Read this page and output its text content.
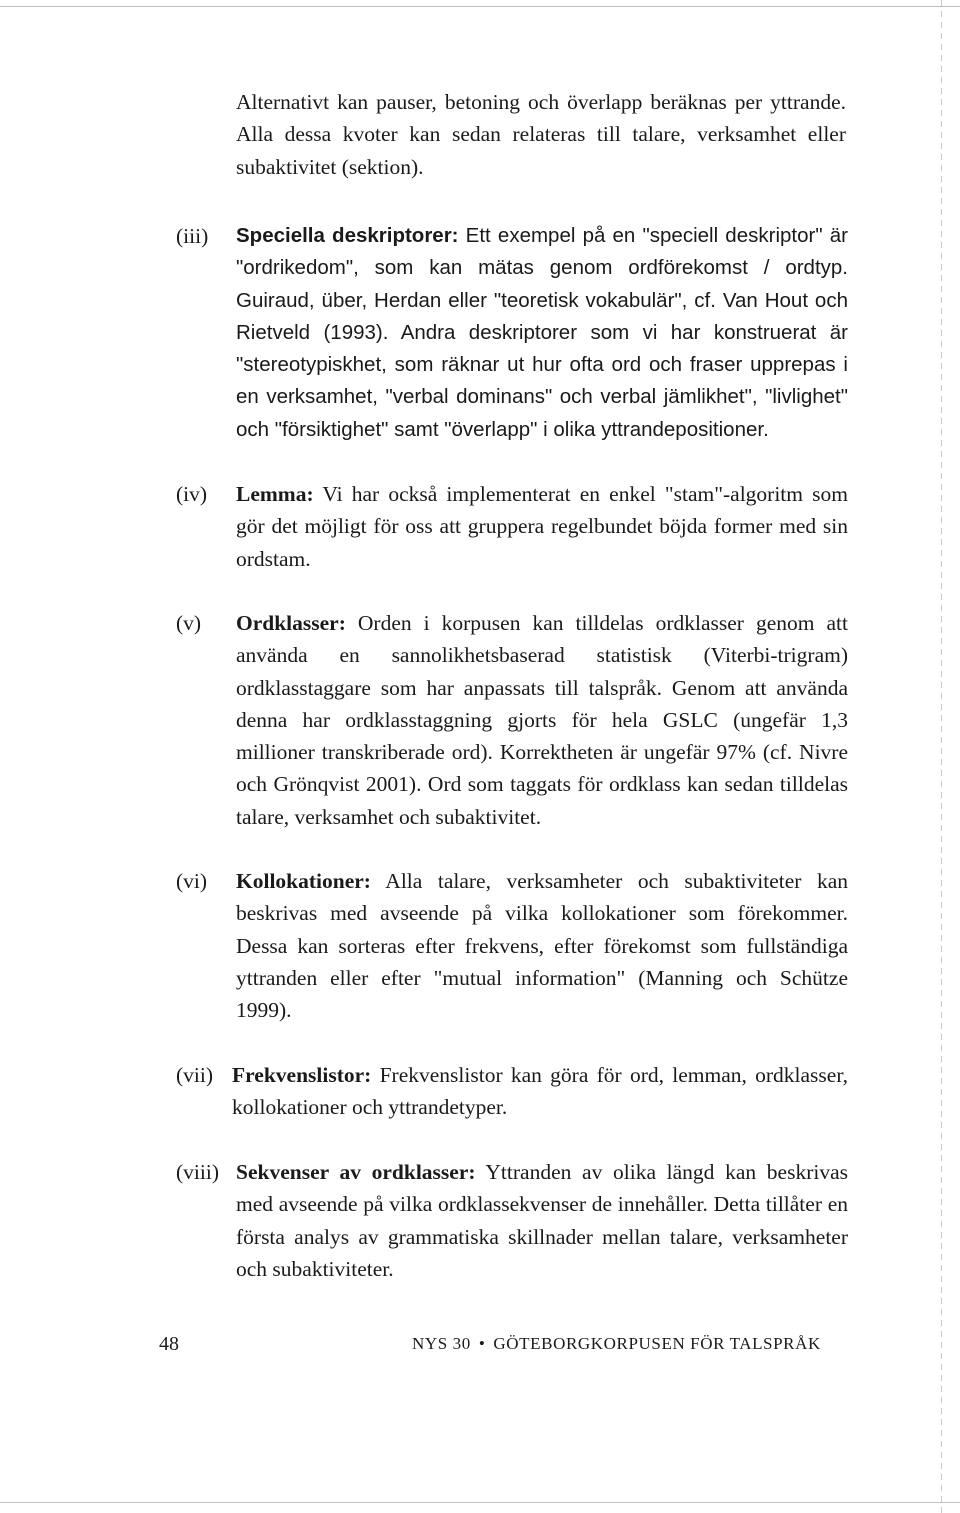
Alternativt kan pauser, betoning och överlapp beräknas per yttrande. Alla dessa kvoter kan sedan relateras till talare, verksamhet eller subaktivitet (sektion).

(iii) Speciella deskriptorer: Ett exempel på en "speciell deskriptor" är "ordrikedom", som kan mätas genom ordförekomst / ordtyp. Guiraud, über, Herdan eller "teoretisk vokabulär", cf. Van Hout och Rietveld (1993). Andra deskriptorer som vi har konstruerat är "stereotypiskhet, som räknar ut hur ofta ord och fraser upprepas i en verksamhet, "verbal dominans" och verbal jämlikhet", "livlighet" och "försiktighet" samt "överlapp" i olika yttrandepositioner.
(iv) Lemma: Vi har också implementerat en enkel "stam"-algoritm som gör det möjligt för oss att gruppera regelbundet böjda former med sin ordstam.
(v) Ordklasser: Orden i korpusen kan tilldelas ordklasser genom att använda en sannolikhetsbaserad statistisk (Viterbi-trigram) ordklasstaggare som har anpassats till talspråk. Genom att använda denna har ordklasstaggning gjorts för hela GSLC (ungefär 1,3 millioner transkriberade ord). Korrektheten är ungefär 97% (cf. Nivre och Grönqvist 2001). Ord som taggats för ordklass kan sedan tilldelas talare, verksamhet och subaktivitet.
(vi) Kollokationer: Alla talare, verksamheter och subaktiviteter kan beskrivas med avseende på vilka kollokationer som förekommer. Dessa kan sorteras efter frekvens, efter förekomst som fullständiga yttranden eller efter "mutual information" (Manning och Schütze 1999).
(vii) Frekvenslistor: Frekvenslistor kan göra för ord, lemman, ordklasser, kollokationer och yttrandetyper.
(viii) Sekvenser av ordklasser: Yttranden av olika längd kan beskrivas med avseende på vilka ordklassekvenser de innehåller. Detta tillåter en första analys av grammatiska skillnader mellan talare, verksamheter och subaktiviteter.
48	NYS 30 • GÖTEBORGKORPUSEN FÖR TALSPRÅK
